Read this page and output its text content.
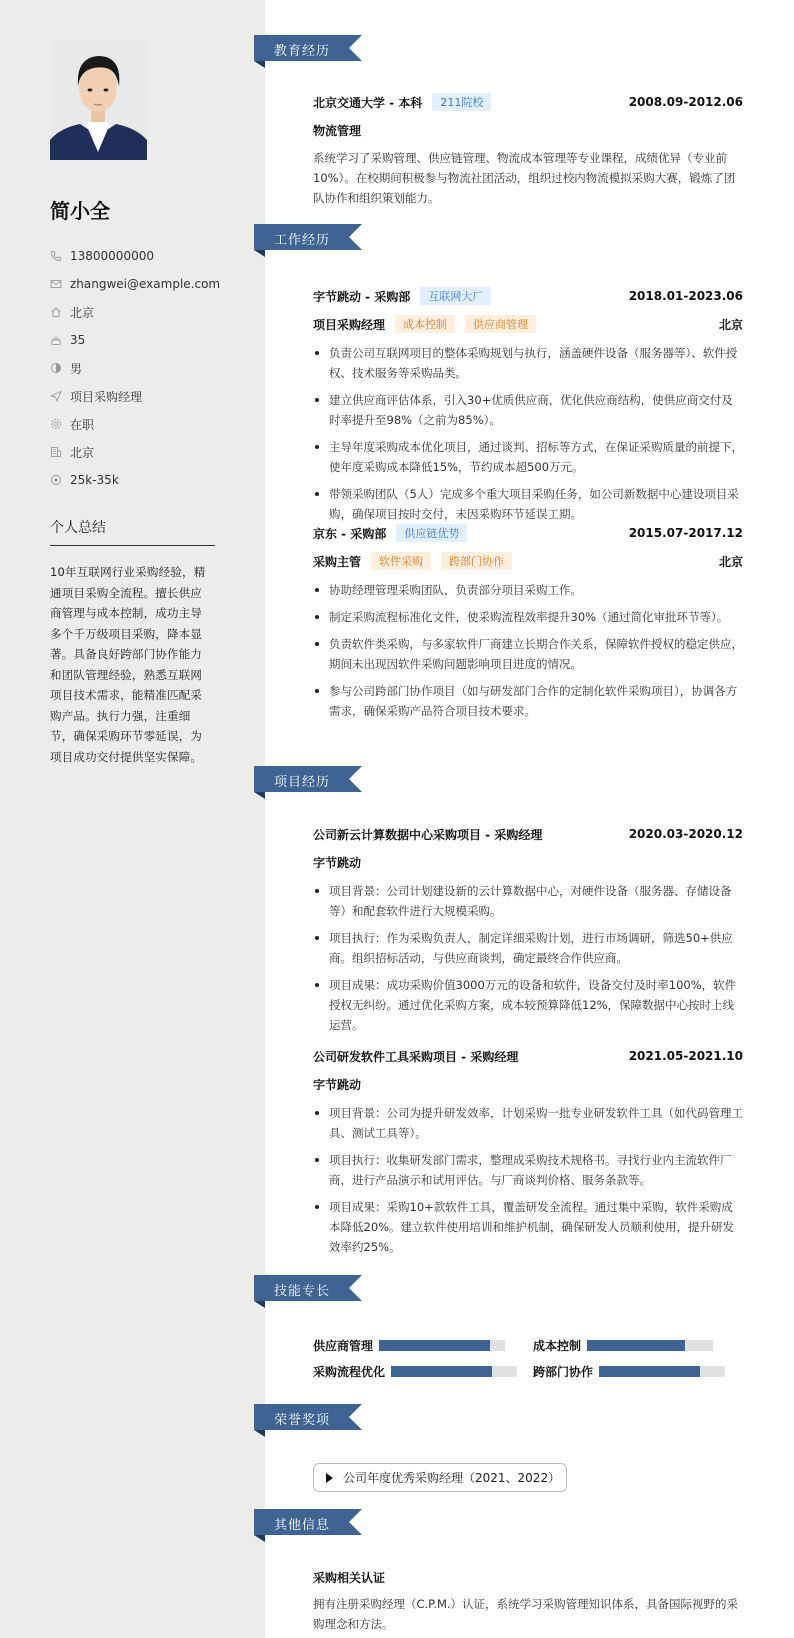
简小全
13800000000
zhangwei@example.com
北京
35
男
项目采购经理
在职
北京
25k-35k
个人总结
10年互联网行业采购经验，精通项目采购全流程。擅长供应商管理与成本控制，成功主导多个千万级项目采购，降本显著。具备良好跨部门协作能力和团队管理经验，熟悉互联网项目技术需求，能精准匹配采购产品。执行力强，注重细节，确保采购环节零延误，为项目成功交付提供坚实保障。
教育经历
北京交通大学 - 本科	211院校	2008.09-2012.06
物流管理
系统学习了采购管理、供应链管理、物流成本管理等专业课程，成绩优异（专业前10%）。在校期间积极参与物流社团活动，组织过校内物流模拟采购大赛，锻炼了团队协作和组织策划能力。
工作经历
字节跳动 - 采购部	互联网大厂	2018.01-2023.06
项目采购经理	成本控制	供应商管理	北京
负责公司互联网项目的整体采购规划与执行，涵盖硬件设备（服务器等）、软件授权、技术服务等采购品类。
建立供应商评估体系，引入30+优质供应商，优化供应商结构，使供应商交付及时率提升至98%（之前为85%）。
主导年度采购成本优化项目，通过谈判、招标等方式，在保证采购质量的前提下，使年度采购成本降低15%，节约成本超500万元。
带领采购团队（5人）完成多个重大项目采购任务，如公司新数据中心建设项目采购，确保项目按时交付，未因采购环节延误工期。
京东 - 采购部	供应链优势	2015.07-2017.12
采购主管	软件采购	跨部门协作	北京
协助经理管理采购团队，负责部分项目采购工作。
制定采购流程标准化文件，使采购流程效率提升30%（通过简化审批环节等）。
负责软件类采购，与多家软件厂商建立长期合作关系，保障软件授权的稳定供应，期间未出现因软件采购问题影响项目进度的情况。
参与公司跨部门协作项目（如与研发部门合作的定制化软件采购项目），协调各方需求，确保采购产品符合项目技术要求。
项目经历
公司新云计算数据中心采购项目 - 采购经理	2020.03-2020.12
字节跳动
项目背景：公司计划建设新的云计算数据中心，对硬件设备（服务器、存储设备等）和配套软件进行大规模采购。
项目执行：作为采购负责人，制定详细采购计划，进行市场调研，筛选50+供应商。组织招标活动，与供应商谈判，确定最终合作供应商。
项目成果：成功采购价值3000万元的设备和软件，设备交付及时率100%，软件授权无纠纷。通过优化采购方案，成本较预算降低12%，保障数据中心按时上线运营。
公司研发软件工具采购项目 - 采购经理	2021.05-2021.10
字节跳动
项目背景：公司为提升研发效率，计划采购一批专业研发软件工具（如代码管理工具、测试工具等）。
项目执行：收集研发部门需求，整理成采购技术规格书。寻找行业内主流软件厂商，进行产品演示和试用评估。与厂商谈判价格、服务条款等。
项目成果：采购10+款软件工具，覆盖研发全流程。通过集中采购，软件采购成本降低20%。建立软件使用培训和维护机制，确保研发人员顺利使用，提升研发效率约25%。
技能专长
供应商管理	成本控制
采购流程优化	跨部门协作
荣誉奖项
公司年度优秀采购经理（2021、2022）
其他信息
采购相关认证
拥有注册采购经理（C.P.M.）认证，系统学习采购管理知识体系，具备国际视野的采购理念和方法。
